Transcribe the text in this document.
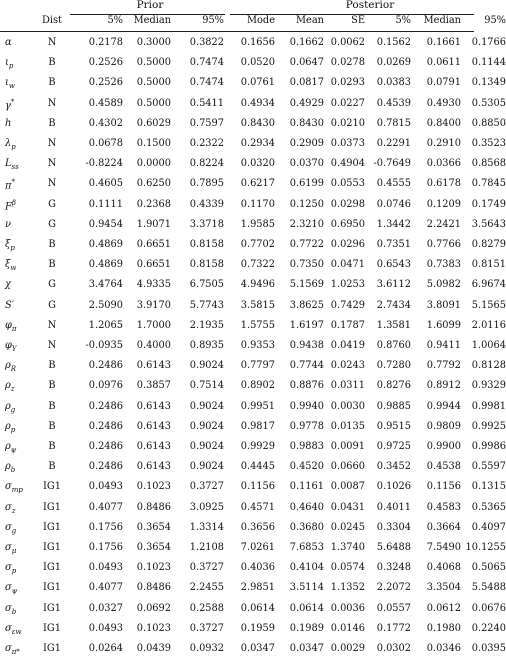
Prior	Posterior
Dist	5%	Median	95%	Mode	Mean	SE	5%	Median	95%
α	N	0.2178	0.3000	0.3822	0.1656	0.1662 0.0062	0.1562	0.1661	0.1766
$\iota_p$	B	0.2526	0.5000	0.7474	0.0520	0.0647 0.0278	0.0269	0.0611	0.1144
$\iota_w$	B	0.2526	0.5000	0.7474	0.0761	0.0817 0.0293	0.0383	0.0791	0.1349
γ*	N	0.4589	0.5000	0.5411	0.4934	0.4929 0.0227	0.4539	0.4930	0.5305
h	B	0.4302	0.6029	0.7597	0.8430	0.8430 0.0210	0.7815	0.8400	0.8850
$\lambda_p$	N	0.0678	0.1500	0.2322	0.2934	0.2909 0.0373	0.2291	0.2910	0.3523
$L_{ss}$	N	-0.8224	0.0000	0.8224	0.0320	0.0370 0.4904 -0.7649	0.0366	0.8568
π*	N	0.4605	0.6250	0.7895	0.6217	0.6199 0.0553	0.4555	0.6178	0.7845
$F^\beta$	G	0.1111	0.2368	0.4339	0.1170	0.1250 0.0298	0.0746	0.1209	0.1749
ν	G	0.9454	1.9071	3.3718	1.9585	2.3210 0.6950	1.3442	2.2421	3.5643
$\xi_p$	B	0.4869	0.6651	0.8158	0.7702	0.7722 0.0296	0.7351	0.7766	0.8279
$\xi_w$	B	0.4869	0.6651	0.8158	0.7322	0.7350 0.0471	0.6543	0.7383	0.8151
χ	G	3.4764	4.9335	6.7505	4.9496	5.1569 1.0253	3.6112	5.0982	6.9674
S′	G	2.5090	3.9170	5.7743	3.5815	3.8625 0.7429	2.7434	3.8091	5.1565
$\varphi_\pi$	N	1.2065	1.7000	2.1935	1.5755	1.6197 0.1787	1.3581	1.6099	2.0116
$\varphi_Y$	N	-0.0935	0.4000	0.8935	0.9353	0.9438 0.0419	0.8760	0.9411	1.0064
$\rho_R$	B	0.2486	0.6143	0.9024	0.7797	0.7744 0.0243	0.7280	0.7792	0.8128
$\rho_z$	B	0.0976	0.3857	0.7514	0.8902	0.8876 0.0311	0.8276	0.8912	0.9329
$\rho_g$	B	0.2486	0.6143	0.9024	0.9951	0.9940 0.0030	0.9885	0.9944	0.9981
$\rho_p$	B	0.2486	0.6143	0.9024	0.9817	0.9778 0.0135	0.9515	0.9809	0.9925
$\rho_\psi$	B	0.2486	0.6143	0.9024	0.9929	0.9883 0.0091	0.9725	0.9900	0.9986
$\rho_b$	B	0.2486	0.6143	0.9024	0.4445	0.4520 0.0660	0.3452	0.4538	0.5597
$\sigma_{mp}$	IG1	0.0493	0.1023	0.3727	0.1156	0.1161 0.0087	0.1026	0.1156	0.1315
$\sigma_z$	IG1	0.4077	0.8486	3.0925	0.4571	0.4640 0.0431	0.4011	0.4583	0.5365
$\sigma_g$	IG1	0.1756	0.3654	1.3314	0.3656	0.3680 0.0245	0.3304	0.3664	0.4097
$\sigma_\mu$	IG1	0.1756	0.3654	1.2108	7.0261	7.6853 1.3740	5.6488	7.5490 10.1255
$\sigma_p$	IG1	0.0493	0.1023	0.3727	0.4036	0.4104 0.0574	0.3248	0.4068	0.5065
$\sigma_\psi$	IG1	0.4077	0.8486	2.2455	2.9851	3.5114 1.1352	2.2072	3.3504	5.5488
$\sigma_b$	IG1	0.0327	0.0692	0.2588	0.0614	0.0614 0.0036	0.0557	0.0612	0.0676
$\sigma_{\varepsilon w}$	IG1	0.0493	0.1023	0.3727	0.1959	0.1989 0.0146	0.1772	0.1980	0.2240
$\sigma_{\pi*}$	IG1	0.0264	0.0439	0.0932	0.0347	0.0347 0.0029	0.0302	0.0346	0.0395
